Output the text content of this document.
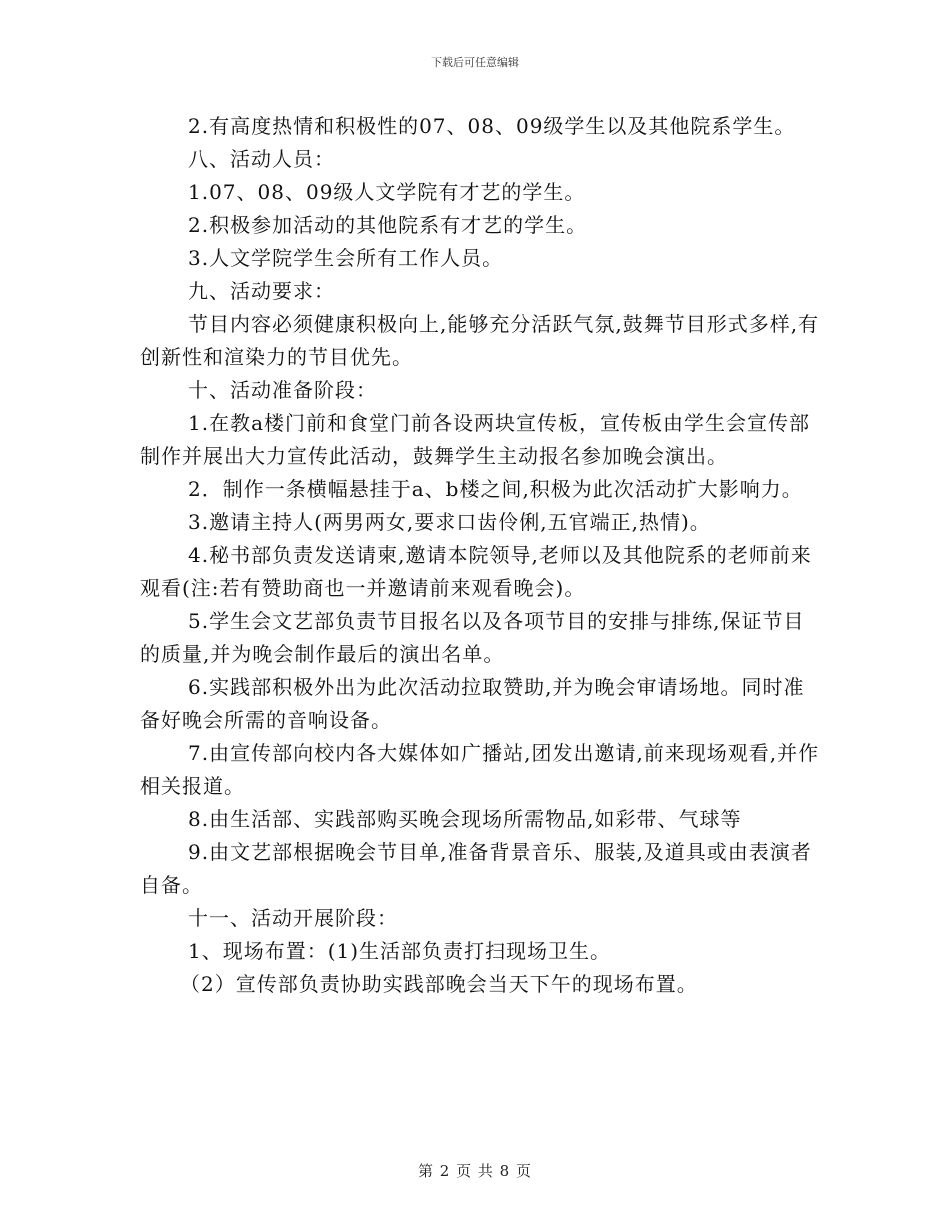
下载后可任意编辑

2.有高度热情和积极性的07、08、09级学生以及其他院系学生。

八、活动人员：

1.07、08、09级人文学院有才艺的学生。

2.积极参加活动的其他院系有才艺的学生。

3.人文学院学生会所有工作人员。

九、活动要求：

节目内容必须健康积极向上,能够充分活跃气氛,鼓舞节目形式多样,有创新性和渲染力的节目优先。

十、活动准备阶段：

1.在教a楼门前和食堂门前各设两块宣传板，宣传板由学生会宣传部制作并展出大力宣传此活动，鼓舞学生主动报名参加晚会演出。

2．制作一条横幅悬挂于a、b楼之间,积极为此次活动扩大影响力。

3.邀请主持人(两男两女,要求口齿伶俐,五官端正,热情)。

4.秘书部负责发送请柬,邀请本院领导,老师以及其他院系的老师前来观看(注:若有赞助商也一并邀请前来观看晚会)。

5.学生会文艺部负责节目报名以及各项节目的安排与排练,保证节目的质量,并为晚会制作最后的演出名单。

6.实践部积极外出为此次活动拉取赞助,并为晚会审请场地。同时准备好晚会所需的音响设备。

7.由宣传部向校内各大媒体如广播站,团发出邀请,前来现场观看,并作相关报道。

8.由生活部、实践部购买晚会现场所需物品,如彩带、气球等

9.由文艺部根据晚会节目单,准备背景音乐、服装,及道具或由表演者自备。

十一、活动开展阶段：

1、现场布置：(1)生活部负责打扫现场卫生。

（2）宣传部负责协助实践部晚会当天下午的现场布置。

第 2 页 共 8 页
